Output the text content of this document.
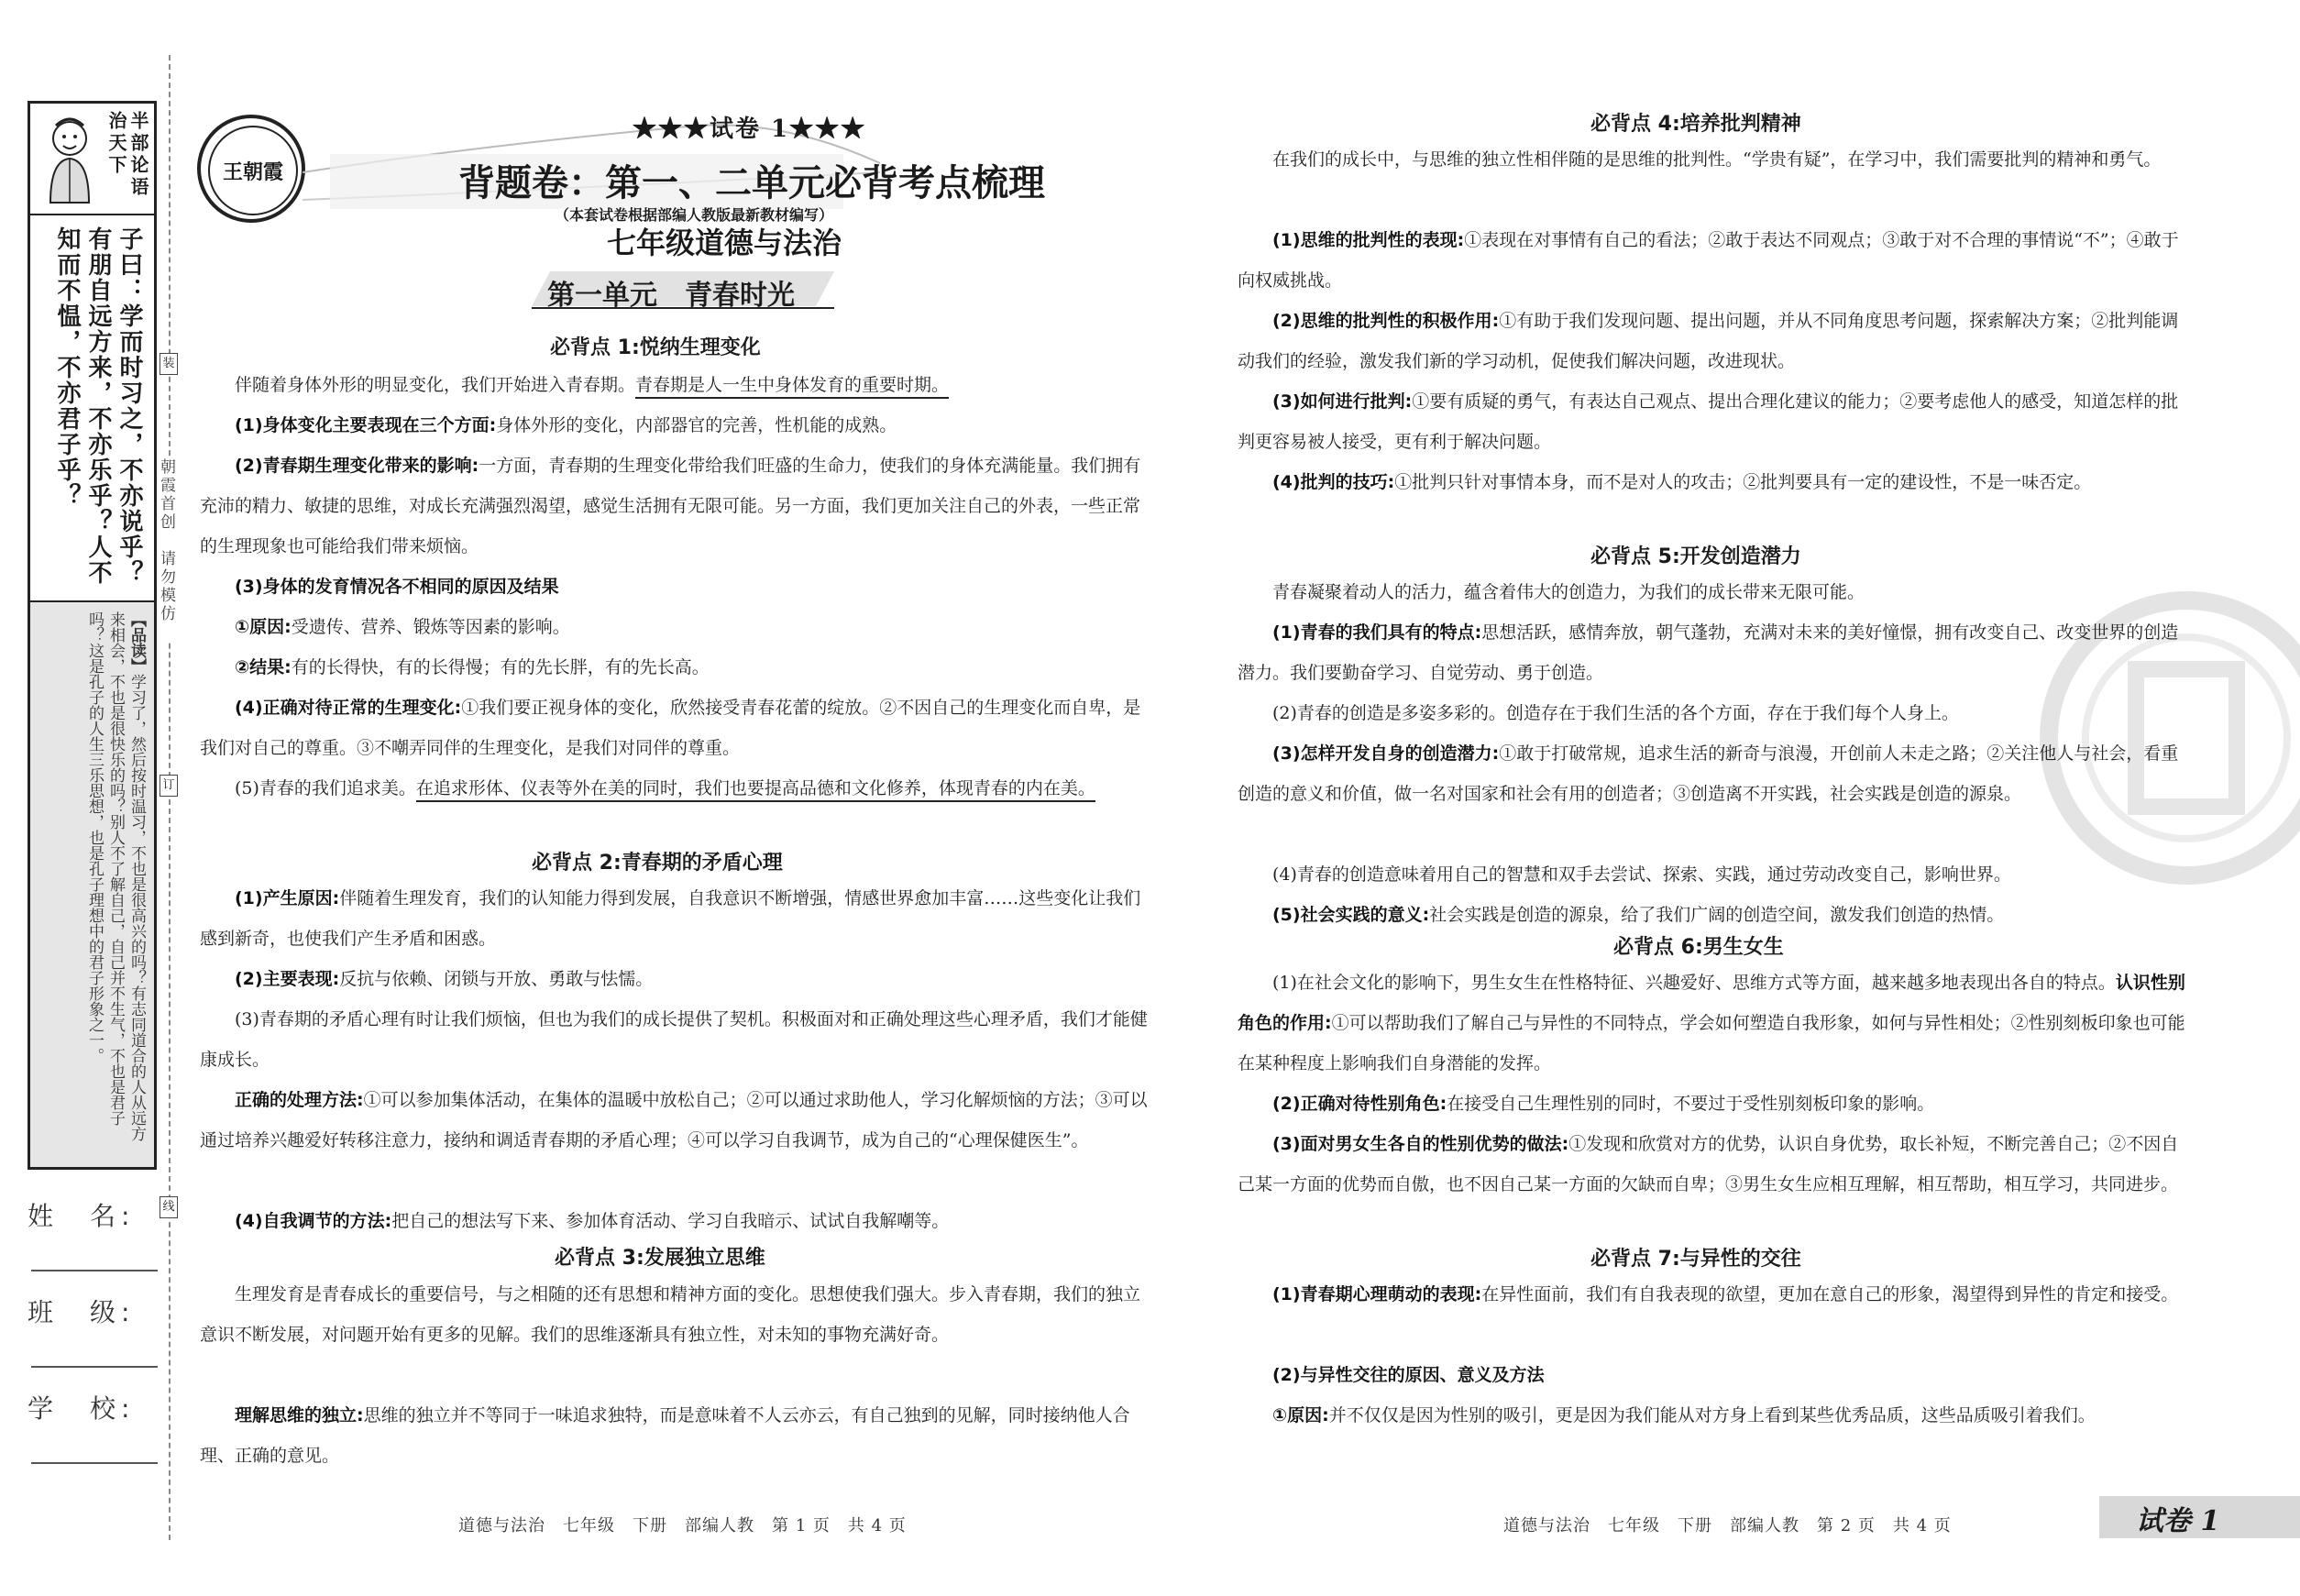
治天下 半部论语
子曰：学而时习之，不亦说乎？有朋自远方来，不亦乐乎？人不知而不愠，不亦君子乎？
【品读】学习了，然后按时温习，不也是很高兴的吗？有志同道合的人从远方来相会，不也是很快乐的吗？别人不了解自己，自己并不生气，不也是君子吗？这是孔子的人生三乐思想，也是孔子理想中的君子形象之一。
姓　名:
班　级:
学　校:
装
朝霞首创　请勿模仿
订
线
王朝霞
★★★试卷 1★★★
背题卷：第一、二单元必背考点梳理
（本套试卷根据部编人教版最新教材编写）
七年级道德与法治
第一单元　青春时光
必背点 1:悦纳生理变化
伴随着身体外形的明显变化，我们开始进入青春期。青春期是人一生中身体发育的重要时期。
(1)身体变化主要表现在三个方面:身体外形的变化，内部器官的完善，性机能的成熟。
(2)青春期生理变化带来的影响:一方面，青春期的生理变化带给我们旺盛的生命力，使我们的身体充满能量。我们拥有充沛的精力、敏捷的思维，对成长充满强烈渴望，感觉生活拥有无限可能。另一方面，我们更加关注自己的外表，一些正常的生理现象也可能给我们带来烦恼。
(3)身体的发育情况各不相同的原因及结果
①原因:受遗传、营养、锻炼等因素的影响。
②结果:有的长得快，有的长得慢；有的先长胖，有的先长高。
(4)正确对待正常的生理变化:①我们要正视身体的变化，欣然接受青春花蕾的绽放。②不因自己的生理变化而自卑，是我们对自己的尊重。③不嘲弄同伴的生理变化，是我们对同伴的尊重。
(5)青春的我们追求美。在追求形体、仪表等外在美的同时，我们也要提高品德和文化修养，体现青春的内在美。
必背点 2:青春期的矛盾心理
(1)产生原因:伴随着生理发育，我们的认知能力得到发展，自我意识不断增强，情感世界愈加丰富……这些变化让我们感到新奇，也使我们产生矛盾和困惑。
(2)主要表现:反抗与依赖、闭锁与开放、勇敢与怯懦。
(3)青春期的矛盾心理有时让我们烦恼，但也为我们的成长提供了契机。积极面对和正确处理这些心理矛盾，我们才能健康成长。
正确的处理方法:①可以参加集体活动，在集体的温暖中放松自己；②可以通过求助他人，学习化解烦恼的方法；③可以通过培养兴趣爱好转移注意力，接纳和调适青春期的矛盾心理；④可以学习自我调节，成为自己的“心理保健医生”。
(4)自我调节的方法:把自己的想法写下来、参加体育活动、学习自我暗示、试试自我解嘲等。
必背点 3:发展独立思维
生理发育是青春成长的重要信号，与之相随的还有思想和精神方面的变化。思想使我们强大。步入青春期，我们的独立意识不断发展，对问题开始有更多的见解。我们的思维逐渐具有独立性，对未知的事物充满好奇。
理解思维的独立:思维的独立并不等同于一味追求独特，而是意味着不人云亦云，有自己独到的见解，同时接纳他人合理、正确的意见。
道德与法治　七年级　下册　部编人教　第 1 页　共 4 页
必背点 4:培养批判精神
在我们的成长中，与思维的独立性相伴随的是思维的批判性。“学贵有疑”，在学习中，我们需要批判的精神和勇气。
(1)思维的批判性的表现:①表现在对事情有自己的看法；②敢于表达不同观点；③敢于对不合理的事情说“不”；④敢于向权威挑战。
(2)思维的批判性的积极作用:①有助于我们发现问题、提出问题，并从不同角度思考问题，探索解决方案；②批判能调动我们的经验，激发我们新的学习动机，促使我们解决问题，改进现状。
(3)如何进行批判:①要有质疑的勇气，有表达自己观点、提出合理化建议的能力；②要考虑他人的感受，知道怎样的批判更容易被人接受，更有利于解决问题。
(4)批判的技巧:①批判只针对事情本身，而不是对人的攻击；②批判要具有一定的建设性，不是一味否定。
必背点 5:开发创造潜力
青春凝聚着动人的活力，蕴含着伟大的创造力，为我们的成长带来无限可能。
(1)青春的我们具有的特点:思想活跃，感情奔放，朝气蓬勃，充满对未来的美好憧憬，拥有改变自己、改变世界的创造潜力。我们要勤奋学习、自觉劳动、勇于创造。
(2)青春的创造是多姿多彩的。创造存在于我们生活的各个方面，存在于我们每个人身上。
(3)怎样开发自身的创造潜力:①敢于打破常规，追求生活的新奇与浪漫，开创前人未走之路；②关注他人与社会，看重创造的意义和价值，做一名对国家和社会有用的创造者；③创造离不开实践，社会实践是创造的源泉。
(4)青春的创造意味着用自己的智慧和双手去尝试、探索、实践，通过劳动改变自己，影响世界。
(5)社会实践的意义:社会实践是创造的源泉，给了我们广阔的创造空间，激发我们创造的热情。
必背点 6:男生女生
(1)在社会文化的影响下，男生女生在性格特征、兴趣爱好、思维方式等方面，越来越多地表现出各自的特点。认识性别角色的作用:①可以帮助我们了解自己与异性的不同特点，学会如何塑造自我形象，如何与异性相处；②性别刻板印象也可能在某种程度上影响我们自身潜能的发挥。
(2)正确对待性别角色:在接受自己生理性别的同时，不要过于受性别刻板印象的影响。
(3)面对男女生各自的性别优势的做法:①发现和欣赏对方的优势，认识自身优势，取长补短，不断完善自己；②不因自己某一方面的优势而自傲，也不因自己某一方面的欠缺而自卑；③男生女生应相互理解，相互帮助，相互学习，共同进步。
必背点 7:与异性的交往
(1)青春期心理萌动的表现:在异性面前，我们有自我表现的欲望，更加在意自己的形象，渴望得到异性的肯定和接受。
(2)与异性交往的原因、意义及方法
①原因:并不仅仅是因为性别的吸引，更是因为我们能从对方身上看到某些优秀品质，这些品质吸引着我们。
道德与法治　七年级　下册　部编人教　第 2 页　共 4 页	试卷 1
